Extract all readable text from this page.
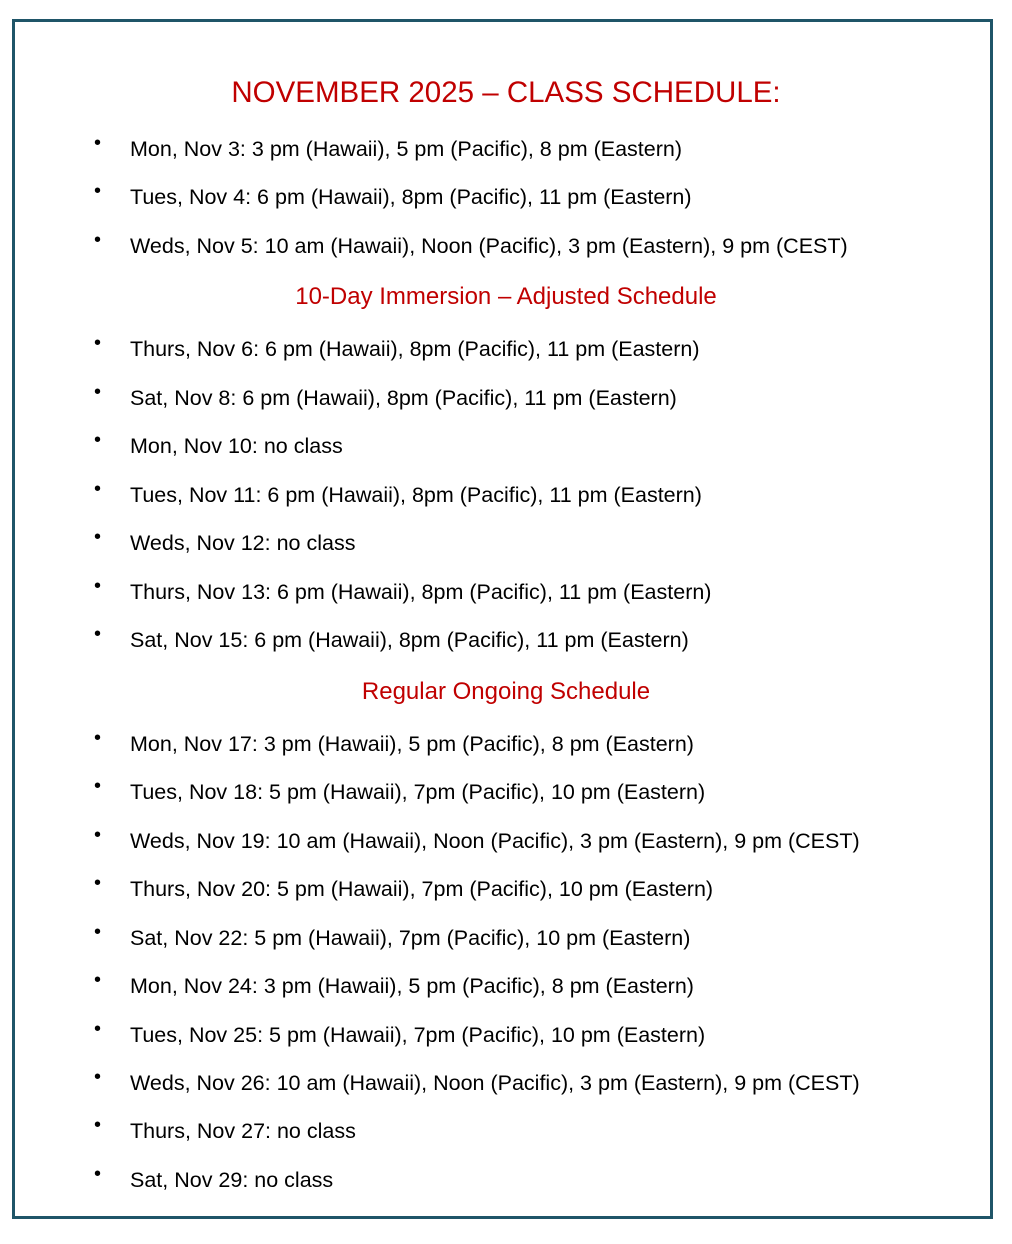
NOVEMBER 2025 – CLASS SCHEDULE:
• Mon, Nov 3: 3 pm (Hawaii), 5 pm (Pacific), 8 pm (Eastern)
• Tues, Nov 4: 6 pm (Hawaii), 8pm (Pacific), 11 pm (Eastern)
• Weds, Nov 5: 10 am (Hawaii), Noon (Pacific), 3 pm (Eastern), 9 pm (CEST)
10-Day Immersion – Adjusted Schedule
• Thurs, Nov 6: 6 pm (Hawaii), 8pm (Pacific), 11 pm (Eastern)
• Sat, Nov 8: 6 pm (Hawaii), 8pm (Pacific), 11 pm (Eastern)
• Mon, Nov 10: no class
• Tues, Nov 11: 6 pm (Hawaii), 8pm (Pacific), 11 pm (Eastern)
• Weds, Nov 12: no class
• Thurs, Nov 13: 6 pm (Hawaii), 8pm (Pacific), 11 pm (Eastern)
• Sat, Nov 15: 6 pm (Hawaii), 8pm (Pacific), 11 pm (Eastern)
Regular Ongoing Schedule
• Mon, Nov 17: 3 pm (Hawaii), 5 pm (Pacific), 8 pm (Eastern)
• Tues, Nov 18: 5 pm (Hawaii), 7pm (Pacific), 10 pm (Eastern)
• Weds, Nov 19: 10 am (Hawaii), Noon (Pacific), 3 pm (Eastern), 9 pm (CEST)
• Thurs, Nov 20: 5 pm (Hawaii), 7pm (Pacific), 10 pm (Eastern)
• Sat, Nov 22: 5 pm (Hawaii), 7pm (Pacific), 10 pm (Eastern)
• Mon, Nov 24: 3 pm (Hawaii), 5 pm (Pacific), 8 pm (Eastern)
• Tues, Nov 25: 5 pm (Hawaii), 7pm (Pacific), 10 pm (Eastern)
• Weds, Nov 26: 10 am (Hawaii), Noon (Pacific), 3 pm (Eastern), 9 pm (CEST)
• Thurs, Nov 27: no class
• Sat, Nov 29: no class
